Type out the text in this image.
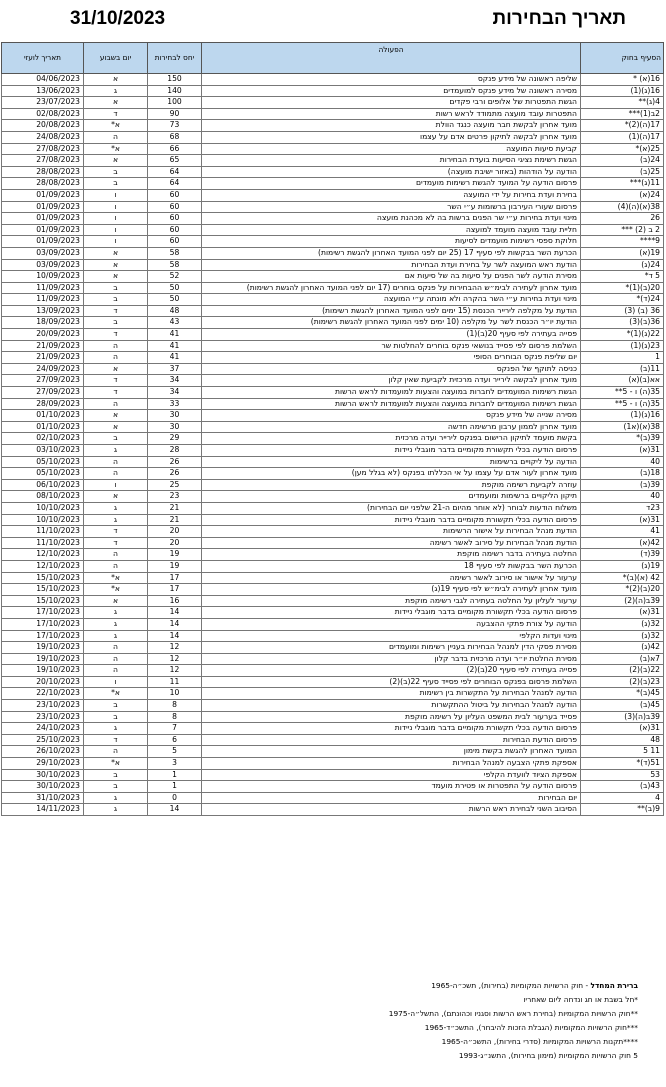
31/10/2023	תאריך הבחירות
הסעיף בחוק	הפעולה	יחס לבחירות	יום בשבוע	תאריך לועזי
16(א) *	שליפה ראשונה של מידע פנקס	150	א	04/06/2023
16(ג)(1)	מסירה ראשונה של מידע פנקס למועמדים	140	ג	13/06/2023
4(ג)**	הגשת התפטרות של אלופים ורבי פקדים	100	א	23/07/2023
2ב(1)***	התפטרות עובד מועצה מתמודד לראש רשות	90	ד	02/08/2023
17(ה)(2)*	מועד אחרון לבקשת חבר מועצה כנגד הוולת	73	א*	20/08/2023
17(ה)(1)	מועד אחרון לבקשה לתיקון פרטים אדם על עצמו	68	ה	24/08/2023
25(א)*	קביעת סיעות המועצה	66	א*	27/08/2023
24(ב)	הגשת רשימת נציגי הסיעות בועדת הבחירות	65	א	27/08/2023
25(ב)	הודעה על הודהות (באזור ישיבת מועצה)	64	ב	28/08/2023
11(ג)***	פרסום הודעה על המועד להגשת רשימות מועמדים	64	ב	28/08/2023
24(א)	בחירת ועדת בחירות על ידי המועצה	60	ו	01/09/2023
38(א)(ה)(4)	פרסום שעורי העירבון ברשומות ע״י השר	60	ו	01/09/2023
26	מינוי ועדת בחירות ע״י שר הפנים ברשות בה לא מכהנת מועצה	60	ו	01/09/2023
2 ב (2) ***	חליית עובד מועצה מועמד למועצה	60	ו	01/09/2023
9****	חלוקת ספסי רשימות מועמדים לסיעות	60	ו	01/09/2023
19(א)	הכרעת השר בבקשות לפי סעיף 17 (25 יום לפני המועד האחרון להגשת רשימות)	58	א	03/09/2023
24(ג)	הודעת ראש המועצה לשר על בחירת ועדת הבחירות	58	א	03/09/2023
5 ד*	מסירת הודעה לשר הפנים על סיעות בה של סיעות אם	52	א	10/09/2023
20(ב)(1)*	מועד אחרון לעתירה לבימ״ש ההבחירות על פנקס בוחרים (17 יום לפני המועד האחרון להגשת רשימות)	50	ב	11/09/2023
24(ד)*	מינוי ועדת בחירות ע״י השר בהקרה ולא מונתה ע״י המועצה	50	ב	11/09/2023
36 (ב) (3)	הודעת על מקלפה לירייר הכנסת (15 ימים לפני המועד האחרון להגשת רשימות)	48	ד	13/09/2023
36(ב)(3)	הודעת יו״ר הכנסת לשר על מקלפה (10 ימים לפני המועד האחרון להגשת רשימות)	43	ב	18/09/2023
22(ג)(1)*	פסייה בעתירה לפי סעיף 20(ב)(1)	41	ד	20/09/2023
23(ג)(1)	השלמת פרסום לפי פסייד בנושאי פנקס בוחרים להחלטות שר	41	ה	21/09/2023
1	יום שליפת פנקס הבוחרים הסופי	41	ה	21/09/2023
11(ב)	כניסה לתוקף של הפנקס	37	א	24/09/2023
אא(ב)(א)	מועד אחרון לבקשה לירייר ועדה מרכזית לקביעת שאין קלון	34	ד	27/09/2023
35(ה) ו - 5**	הגשת רשימות המועמדים לחברות במועצה והצעות למועמדות לראש הרשות	34	ד	27/09/2023
35(ה) ו - 5**	הגשת רשימות המועמדים לחברות במועצה והצעות למועמדות לראש הרשות	33	ה	28/09/2023
16(ג)(1)	מסירה שנייה של מידע פנקס	30	א	01/10/2023
38(א)(א1)	מועד אחרון לממון ערבון מרשימה חדשה	30	א	01/10/2023
39(ב)*	בקשת מועמד לתיקון הרישום בפנקס לירייר ועדה מרכזית	29	ב	02/10/2023
31(א)	פרסום הודעה בכלי תקשורת מקומיים בדבר מוגבלי ניידות	28	ג	03/10/2023
40	הודעה על ליקויים ברשימות	26	ה	05/10/2023
18(ב)	מועד אחרון לעור אדם על עצמו על אי הכללתו בפנקס (לא בגלל מען)	26	ה	05/10/2023
39(ב)	עוזרה לקביעת רשימה מוקפת	25	ו	06/10/2023
40	תיקון הליקויים ברשימות ומועמדים	23	א	08/10/2023
23ד	משלוח הודעות לבוחר (לא אוחר מהיום ה-21 שלפני יום הבחירות)	21	ג	10/10/2023
31(א)	פרסום הודעה בכלי תקשורת מקומיים בדבר מוגבלי ניידות	21	ג	10/10/2023
41	הודעת מנהל הבחירות על אישור הרשימות	20	ד	11/10/2023
42(א)	הודעת מנהל הבחירות על סירוב לאשר רשימה	20	ד	11/10/2023
39(ד)	החלטה בעתירה בדבר רשימה מוקפת	19	ה	12/10/2023
19(ג)	הכרעת השר בבקשות לפי סעיף 18	19	ה	12/10/2023
42 (א)(ב)*	ערעור על אישור או סירוב לאשר רשימה	17	א*	15/10/2023
20(ב)(2)*	מועד אחרון לעתירה לבימ״ש לפי סעיף 19(ג)	17	א*	15/10/2023
39ב(ה)(2)	ערעור לעליון על החלטה בעתירה לגבי רשימה מוקפת	16	א	15/10/2023
31(א)	פרסום הודעה בכלי תקשורת מקומיים בדבר מוגבלי ניידות	14	ג	17/10/2023
32(ג)	הודעה על צורת פתקי ההצבעה	14	ג	17/10/2023
32(ג)	מינוי ועדות הקלפי	14	ג	17/10/2023
42(ג)	מסירת פסקי הדין למנהל הבחירות בעניין רשימות ומועמדים	12	ה	19/10/2023
7א(ב)	מסירת החלטת יו״ר ועדה מרכזית בדבר קלון	12	ה	19/10/2023
22(ב)(2)	פסייה בעתירה לפי סעיף 20(ב)(2)	12	ה	19/10/2023
23(ב)(2)	השלמת פרסום בפנקס הבוחרים לפי פסייד סעיף 22(ב)(2)	11	ו	20/10/2023
45(ב)*	הודעה למנהל הבחירות על התקשרות בין רשימות	10	א*	22/10/2023
45(ב)	הודעה למנהל הבחירות על ביטול ההתקשרות	8	ב	23/10/2023
39ב(ה)(3)	פסייד בערעור לבית המשפט העליון על רשימה מוקפת	8	ב	23/10/2023
31(א)	פרסום הודעה בכלי תקשורת מקומיים בדבר מוגבלי ניידות	7	ג	24/10/2023
48	פרסום הודעת הבחירות	6	ד	25/10/2023
11 5	המועד האחרון להגשת בקשת מימון	5	ה	26/10/2023
51(ד)*	אספקת פתקי הצבעה למנהל הבחירות	3	א*	29/10/2023
53	אספקת הציוד לוועדת הקלפי	1	ב	30/10/2023
43(ב)	פרסום הודעה על התפטרות או פטירת מועמד	1	ב	30/10/2023
4	יום הבחירות	0	ג	31/10/2023
9(ב)**	הסיבוב השני לבחירת ראש הרשות	14	ג	14/11/2023
ברירת המחדל - חוק הרשויות המקומיות (בחירות), תשכ״ה-1965
*חל בשבת או חג ונדחה ליום שאחריו
**חוק הרשויות המקומיות (בחירת ראש הרשות וסגניו וכהונתם), התשל״ה-1975
***חוק הרשויות המקומיות (הגבלת הזכות להיבחר), התשכ״ד-1965
****תקנות הרשויות המקומיות (סדרי בחירות), התשכ״ה-1965
5 חוק הרשויות המקומיות (מימון בחירות), התשנ״ג-1993
